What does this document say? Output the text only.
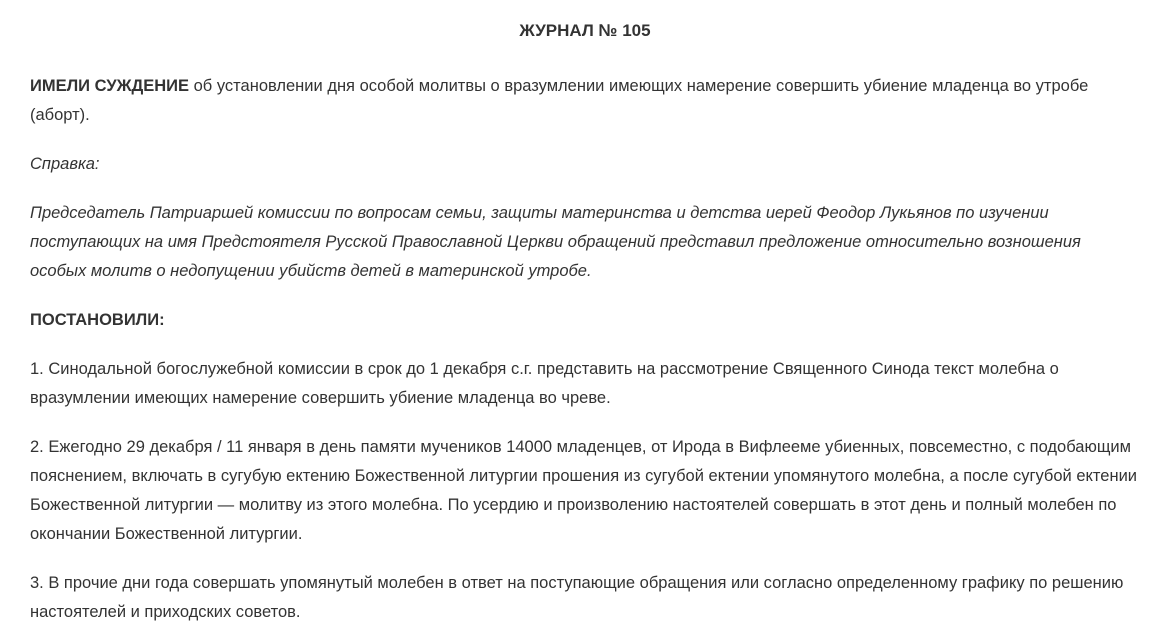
ЖУРНАЛ № 105

ИМЕЛИ СУЖДЕНИЕ об установлении дня особой молитвы о вразумлении имеющих намерение совершить убиение младенца во утробе (аборт).

Справка:

Председатель Патриаршей комиссии по вопросам семьи, защиты материнства и детства иерей Феодор Лукьянов по изучении поступающих на имя Предстоятеля Русской Православной Церкви обращений представил предложение относительно возношения особых молитв о недопущении убийств детей в материнской утробе.

ПОСТАНОВИЛИ:

1. Синодальной богослужебной комиссии в срок до 1 декабря с.г. представить на рассмотрение Священного Синода текст молебна о вразумлении имеющих намерение совершить убиение младенца во чреве.

2. Ежегодно 29 декабря / 11 января в день памяти мучеников 14000 младенцев, от Ирода в Вифлееме убиенных, повсеместно, с подобающим пояснением, включать в сугубую ектению Божественной литургии прошения из сугубой ектении упомянутого молебна, а после сугубой ектении Божественной литургии — молитву из этого молебна. По усердию и произволению настоятелей совершать в этот день и полный молебен по окончании Божественной литургии.

3. В прочие дни года совершать упомянутый молебен в ответ на поступающие обращения или согласно определенному графику по решению настоятелей и приходских советов.
